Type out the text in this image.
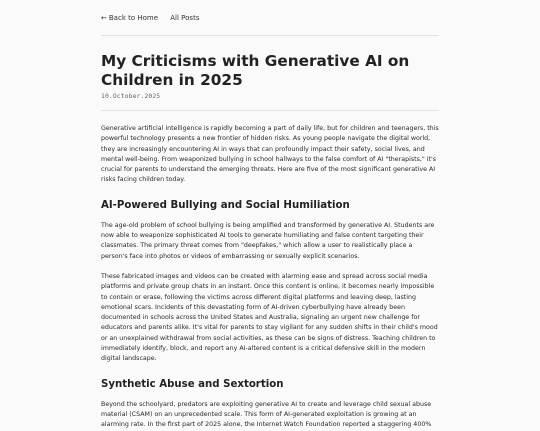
← Back to Home All Posts
My Criticisms with Generative AI on Children in 2025
10.October.2025

Generative artificial intelligence is rapidly becoming a part of daily life, but for children and teenagers, this powerful technology presents a new frontier of hidden risks. As young people navigate the digital world, they are increasingly encountering AI in ways that can profoundly impact their safety, social lives, and mental well-being. From weaponized bullying in school hallways to the false comfort of AI "therapists," it's crucial for parents to understand the emerging threats. Here are five of the most significant generative AI risks facing children today.

AI-Powered Bullying and Social Humiliation

The age-old problem of school bullying is being amplified and transformed by generative AI. Students are now able to weaponize sophisticated AI tools to generate humiliating and false content targeting their classmates. The primary threat comes from "deepfakes," which allow a user to realistically place a person's face into photos or videos of embarrassing or sexually explicit scenarios.

These fabricated images and videos can be created with alarming ease and spread across social media platforms and private group chats in an instant. Once this content is online, it becomes nearly impossible to contain or erase, following the victims across different digital platforms and leaving deep, lasting emotional scars. Incidents of this devastating form of AI-driven cyberbullying have already been documented in schools across the United States and Australia, signaling an urgent new challenge for educators and parents alike. It's vital for parents to stay vigilant for any sudden shifts in their child's mood or an unexplained withdrawal from social activities, as these can be signs of distress. Teaching children to immediately identify, block, and report any AI-altered content is a critical defensive skill in the modern digital landscape.

Synthetic Abuse and Sextortion

Beyond the schoolyard, predators are exploiting generative AI to create and leverage child sexual abuse material (CSAM) on an unprecedented scale. This form of AI-generated exploitation is growing at an alarming rate. In the first part of 2025 alone, the Internet Watch Foundation reported a staggering 400%
